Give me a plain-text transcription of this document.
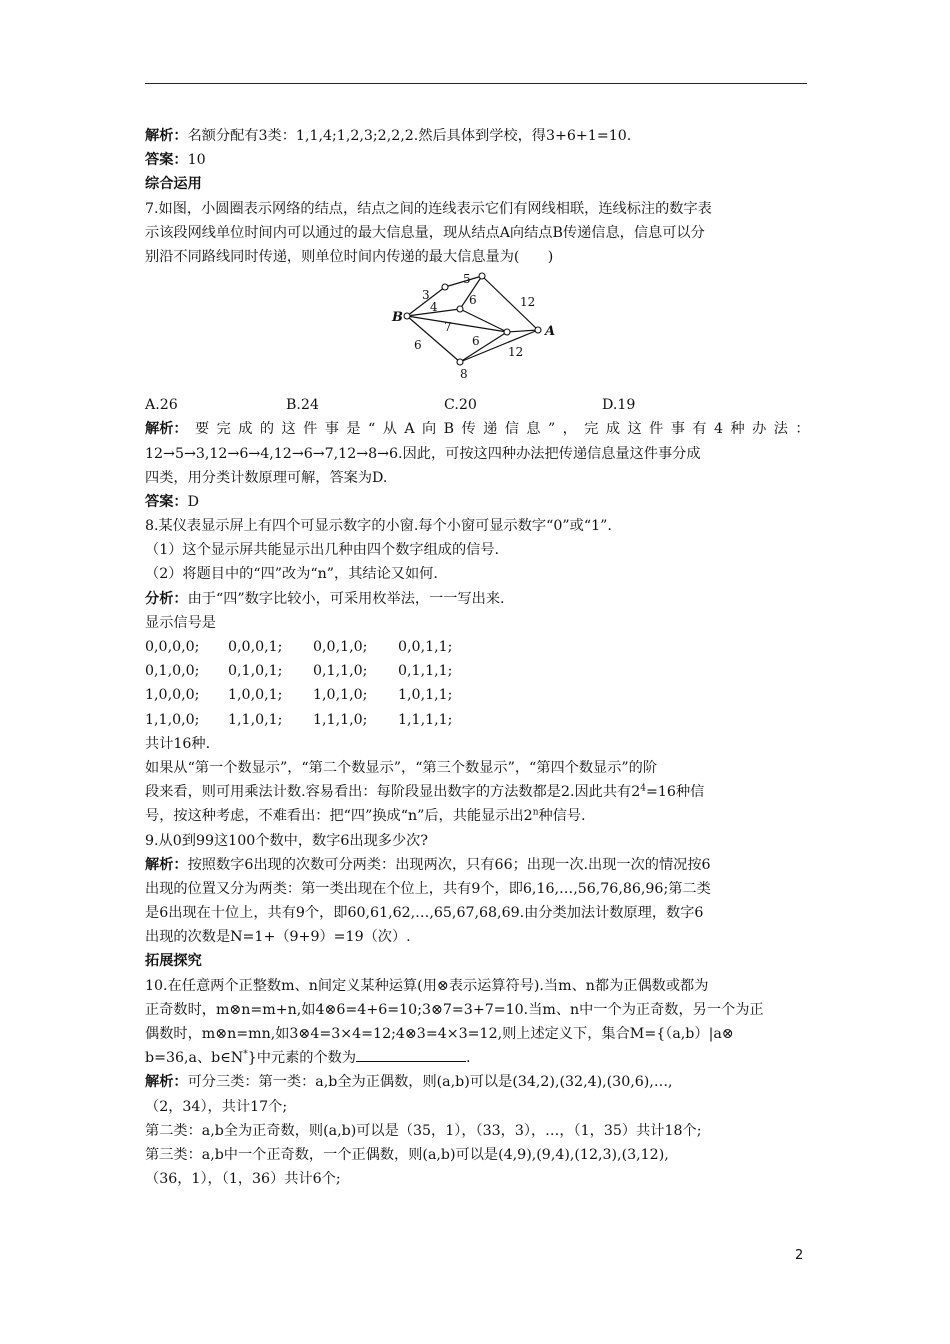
解析：名额分配有3类：1,1,4;1,2,3;2,2,2.然后具体到学校，得3+6+1=10.
答案：10
综合运用
7.如图，小圆圈表示网络的结点，结点之间的连线表示它们有网线相联，连线标注的数字表
示该段网线单位时间内可以通过的最大信息量，现从结点A向结点B传递信息，信息可以分
别沿不同路线同时传递，则单位时间内传递的最大信息量为(　　)
B
A
3
5
4	6	12
7
6
6	12
8
A.26	B.24	C.20	D.19
解析： 要 完 成 的 这 件 事 是 “ 从 A 向 B 传 递 信 息 ” ， 完 成 这 件 事 有 4 种 办 法 ：
12→5→3,12→6→4,12→6→7,12→8→6.因此，可按这四种办法把传递信息量这件事分成
四类，用分类计数原理可解，答案为D.
答案：D
8.某仪表显示屏上有四个可显示数字的小窗.每个小窗可显示数字“0”或“1”.
（1）这个显示屏共能显示出几种由四个数字组成的信号.
（2）将题目中的“四”改为“n”，其结论又如何.
分析：由于“四”数字比较小，可采用枚举法，一一写出来.
显示信号是
0,0,0,0;	0,0,0,1;	0,0,1,0;	0,0,1,1;
0,1,0,0;	0,1,0,1;	0,1,1,0;	0,1,1,1;
1,0,0,0;	1,0,0,1;	1,0,1,0;	1,0,1,1;
1,1,0,0;	1,1,0,1;	1,1,1,0;	1,1,1,1;
共计16种.
如果从“第一个数显示”，“第二个数显示”，“第三个数显示”，“第四个数显示”的阶
段来看，则可用乘法计数.容易看出：每阶段显出数字的方法数都是2.因此共有$2^4=16$种信
号，按这种考虑，不难看出：把“四”换成“n”后，共能显示出2$^n$种信号.
9.从0到99这100个数中，数字6出现多少次?
解析：按照数字6出现的次数可分两类：出现两次，只有66；出现一次.出现一次的情况按6
出现的位置又分为两类：第一类出现在个位上，共有9个，即6,16,…,56,76,86,96;第二类
是6出现在十位上，共有9个，即60,61,62,…,65,67,68,69.由分类加法计数原理，数字6
出现的次数是N=1+（9+9）=19（次）.
拓展探究
10.在任意两个正整数m、n间定义某种运算(用⊗表示运算符号).当m、n都为正偶数或都为
正奇数时，m⊗n=m+n,如4⊗6=4+6=10;3⊗7=3+7=10.当m、n中一个为正奇数，另一个为正
偶数时，m⊗n=mn,如3⊗4=3×4=12;4⊗3=4×3=12,则上述定义下，集合M={（a,b）|a⊗
b=36,a、b∈N*}中元素的个数为	.
解析：可分三类：第一类：a,b全为正偶数，则(a,b)可以是(34,2),(32,4),(30,6),…,
（2，34），共计17个;
第二类：a,b全为正奇数，则(a,b)可以是（35，1），（33，3），…，（1，35）共计18个;
第三类：a,b中一个正奇数，一个正偶数，则(a,b)可以是(4,9),(9,4),(12,3),(3,12),
（36，1），（1，36）共计6个;
2
